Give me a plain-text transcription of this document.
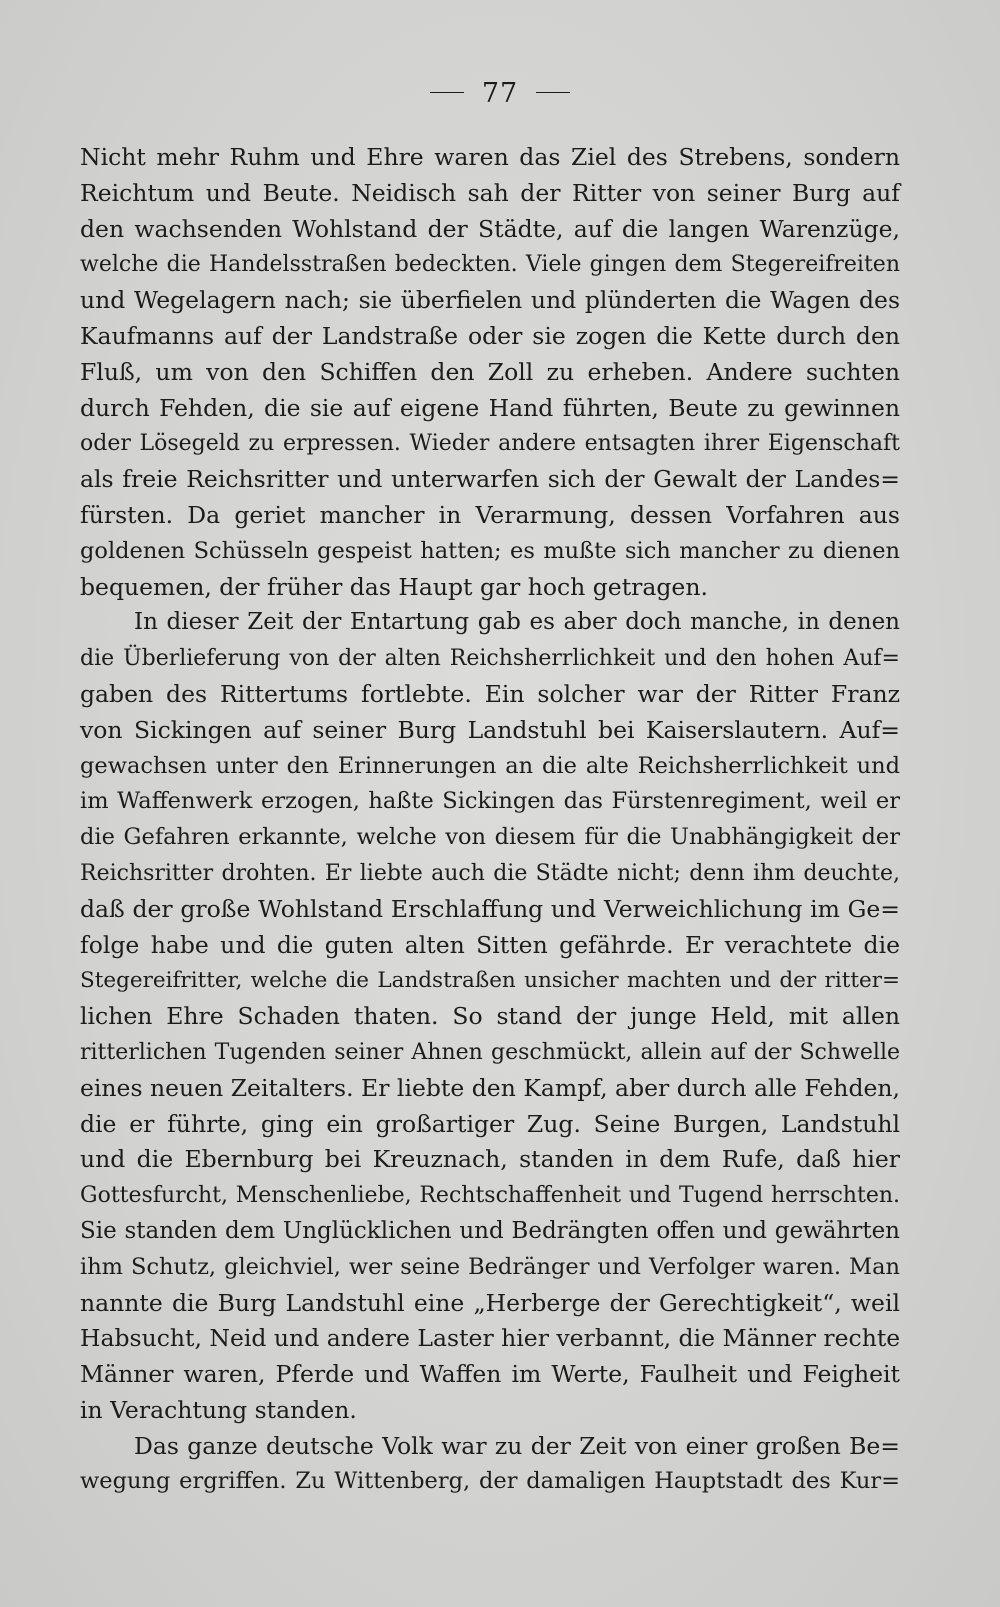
77
Nicht mehr Ruhm und Ehre waren das Ziel des Strebens, sondern
Reichtum und Beute. Neidisch sah der Ritter von seiner Burg auf
den wachsenden Wohlstand der Städte, auf die langen Warenzüge,
welche die Handelsstraßen bedeckten. Viele gingen dem Stegereifreiten
und Wegelagern nach; sie überfielen und plünderten die Wagen des
Kaufmanns auf der Landstraße oder sie zogen die Kette durch den
Fluß, um von den Schiffen den Zoll zu erheben. Andere suchten
durch Fehden, die sie auf eigene Hand führten, Beute zu gewinnen
oder Lösegeld zu erpressen. Wieder andere entsagten ihrer Eigenschaft
als freie Reichsritter und unterwarfen sich der Gewalt der Landes=
fürsten. Da geriet mancher in Verarmung, dessen Vorfahren aus
goldenen Schüsseln gespeist hatten; es mußte sich mancher zu dienen
bequemen, der früher das Haupt gar hoch getragen.
In dieser Zeit der Entartung gab es aber doch manche, in denen
die Überlieferung von der alten Reichsherrlichkeit und den hohen Auf=
gaben des Rittertums fortlebte. Ein solcher war der Ritter Franz
von Sickingen auf seiner Burg Landstuhl bei Kaiserslautern. Auf=
gewachsen unter den Erinnerungen an die alte Reichsherrlichkeit und
im Waffenwerk erzogen, haßte Sickingen das Fürstenregiment, weil er
die Gefahren erkannte, welche von diesem für die Unabhängigkeit der
Reichsritter drohten. Er liebte auch die Städte nicht; denn ihm deuchte,
daß der große Wohlstand Erschlaffung und Verweichlichung im Ge=
folge habe und die guten alten Sitten gefährde. Er verachtete die
Stegereifritter, welche die Landstraßen unsicher machten und der ritter=
lichen Ehre Schaden thaten. So stand der junge Held, mit allen
ritterlichen Tugenden seiner Ahnen geschmückt, allein auf der Schwelle
eines neuen Zeitalters. Er liebte den Kampf, aber durch alle Fehden,
die er führte, ging ein großartiger Zug. Seine Burgen, Landstuhl
und die Ebernburg bei Kreuznach, standen in dem Rufe, daß hier
Gottesfurcht, Menschenliebe, Rechtschaffenheit und Tugend herrschten.
Sie standen dem Unglücklichen und Bedrängten offen und gewährten
ihm Schutz, gleichviel, wer seine Bedränger und Verfolger waren. Man
nannte die Burg Landstuhl eine „Herberge der Gerechtigkeit“, weil
Habsucht, Neid und andere Laster hier verbannt, die Männer rechte
Männer waren, Pferde und Waffen im Werte, Faulheit und Feigheit
in Verachtung standen.
Das ganze deutsche Volk war zu der Zeit von einer großen Be=
wegung ergriffen. Zu Wittenberg, der damaligen Hauptstadt des Kur=
